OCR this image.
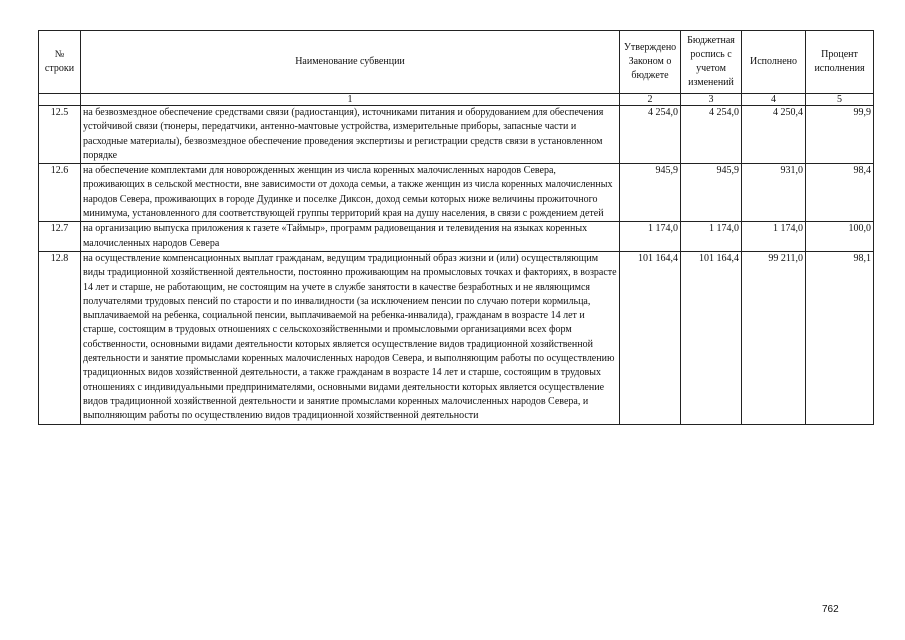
№ строки	Наименование субвенции	Утверждено Законом о бюджете	Бюджетная роспись с учетом изменений	Исполнено	Процент исполнения
	1	2	3	4	5
12.5	на безвозмездное обеспечение средствами связи (радиостанция), источниками питания и оборудованием для обеспечения устойчивой связи (тюнеры, передатчики, антенно-мачтовые устройства, измерительные приборы, запасные части и расходные материалы), безвозмездное обеспечение проведения экспертизы и регистрации средств связи в установленном порядке	4 254,0	4 254,0	4 250,4	99,9
12.6	на обеспечение комплектами для новорожденных женщин из числа коренных малочисленных народов Севера, проживающих в сельской местности, вне зависимости от дохода семьи, а также женщин из числа коренных малочисленных народов Севера, проживающих в городе Дудинке и поселке Диксон, доход семьи которых ниже величины прожиточного минимума, установленного для соответствующей группы территорий края на душу населения, в связи с рождением детей	945,9	945,9	931,0	98,4
12.7	на организацию выпуска приложения к газете «Таймыр», программ радиовещания и телевидения на языках коренных малочисленных народов Севера	1 174,0	1 174,0	1 174,0	100,0
12.8	на осуществление компенсационных выплат гражданам, ведущим традиционный образ жизни и (или) осуществляющим виды традиционной хозяйственной деятельности, постоянно проживающим на промысловых точках и факториях, в возрасте 14 лет и старше, не работающим, не состоящим на учете в службе занятости в качестве безработных и не являющимся получателями трудовых пенсий по старости и по инвалидности (за исключением пенсии по случаю потери кормильца, выплачиваемой на ребенка, социальной пенсии, выплачиваемой на ребенка-инвалида), гражданам в возрасте 14 лет и старше, состоящим в трудовых отношениях с сельскохозяйственными и промысловыми организациями всех форм собственности, основными видами деятельности которых является осуществление видов традиционной хозяйственной деятельности и занятие промыслами коренных малочисленных народов Севера, и выполняющим работы по осуществлению традиционных видов хозяйственной деятельности, а также гражданам в возрасте 14 лет и старше, состоящим в трудовых отношениях с индивидуальными предпринимателями, основными видами деятельности которых является осуществление видов традиционной хозяйственной деятельности и занятие промыслами коренных малочисленных народов Севера, и выполняющим работы по осуществлению видов традиционной хозяйственной деятельности	101 164,4	101 164,4	99 211,0	98,1
762
